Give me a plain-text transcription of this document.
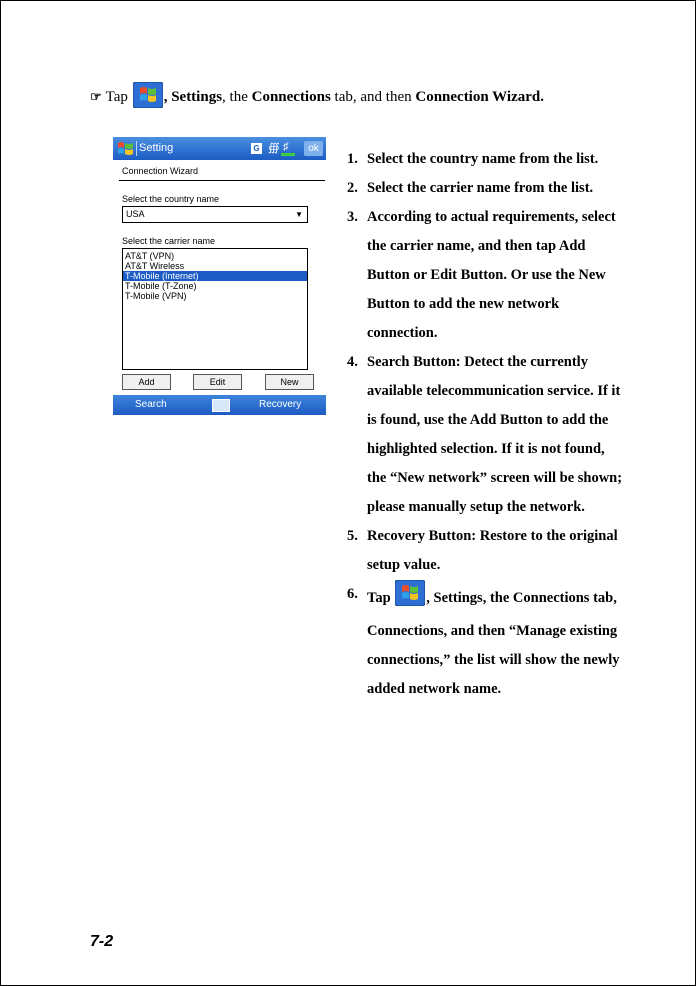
☞ Tap , Settings, the Connections tab, and then Connection Wizard.
Setting	G ∰ ♯	ok
Connection Wizard
Select the country name
USA	▼
Select the carrier name
AT&T (VPN)
AT&T Wireless
T-Mobile (Internet)
T-Mobile (T-Zone)
T-Mobile (VPN)
Add	Edit	New
Search	Recovery
1. Select the country name from the list.
2. Select the carrier name from the list.
3. According to actual requirements, select the carrier name, and then tap Add Button or Edit Button. Or use the New Button to add the new network connection.
4. Search Button: Detect the currently available telecommunication service. If it is found, use the Add Button to add the highlighted selection. If it is not found, the “New network” screen will be shown; please manually setup the network.
5. Recovery Button: Restore to the original setup value.
6. Tap , Settings, the Connections tab, Connections, and then “Manage existing connections,” the list will show the newly added network name.
7-2
